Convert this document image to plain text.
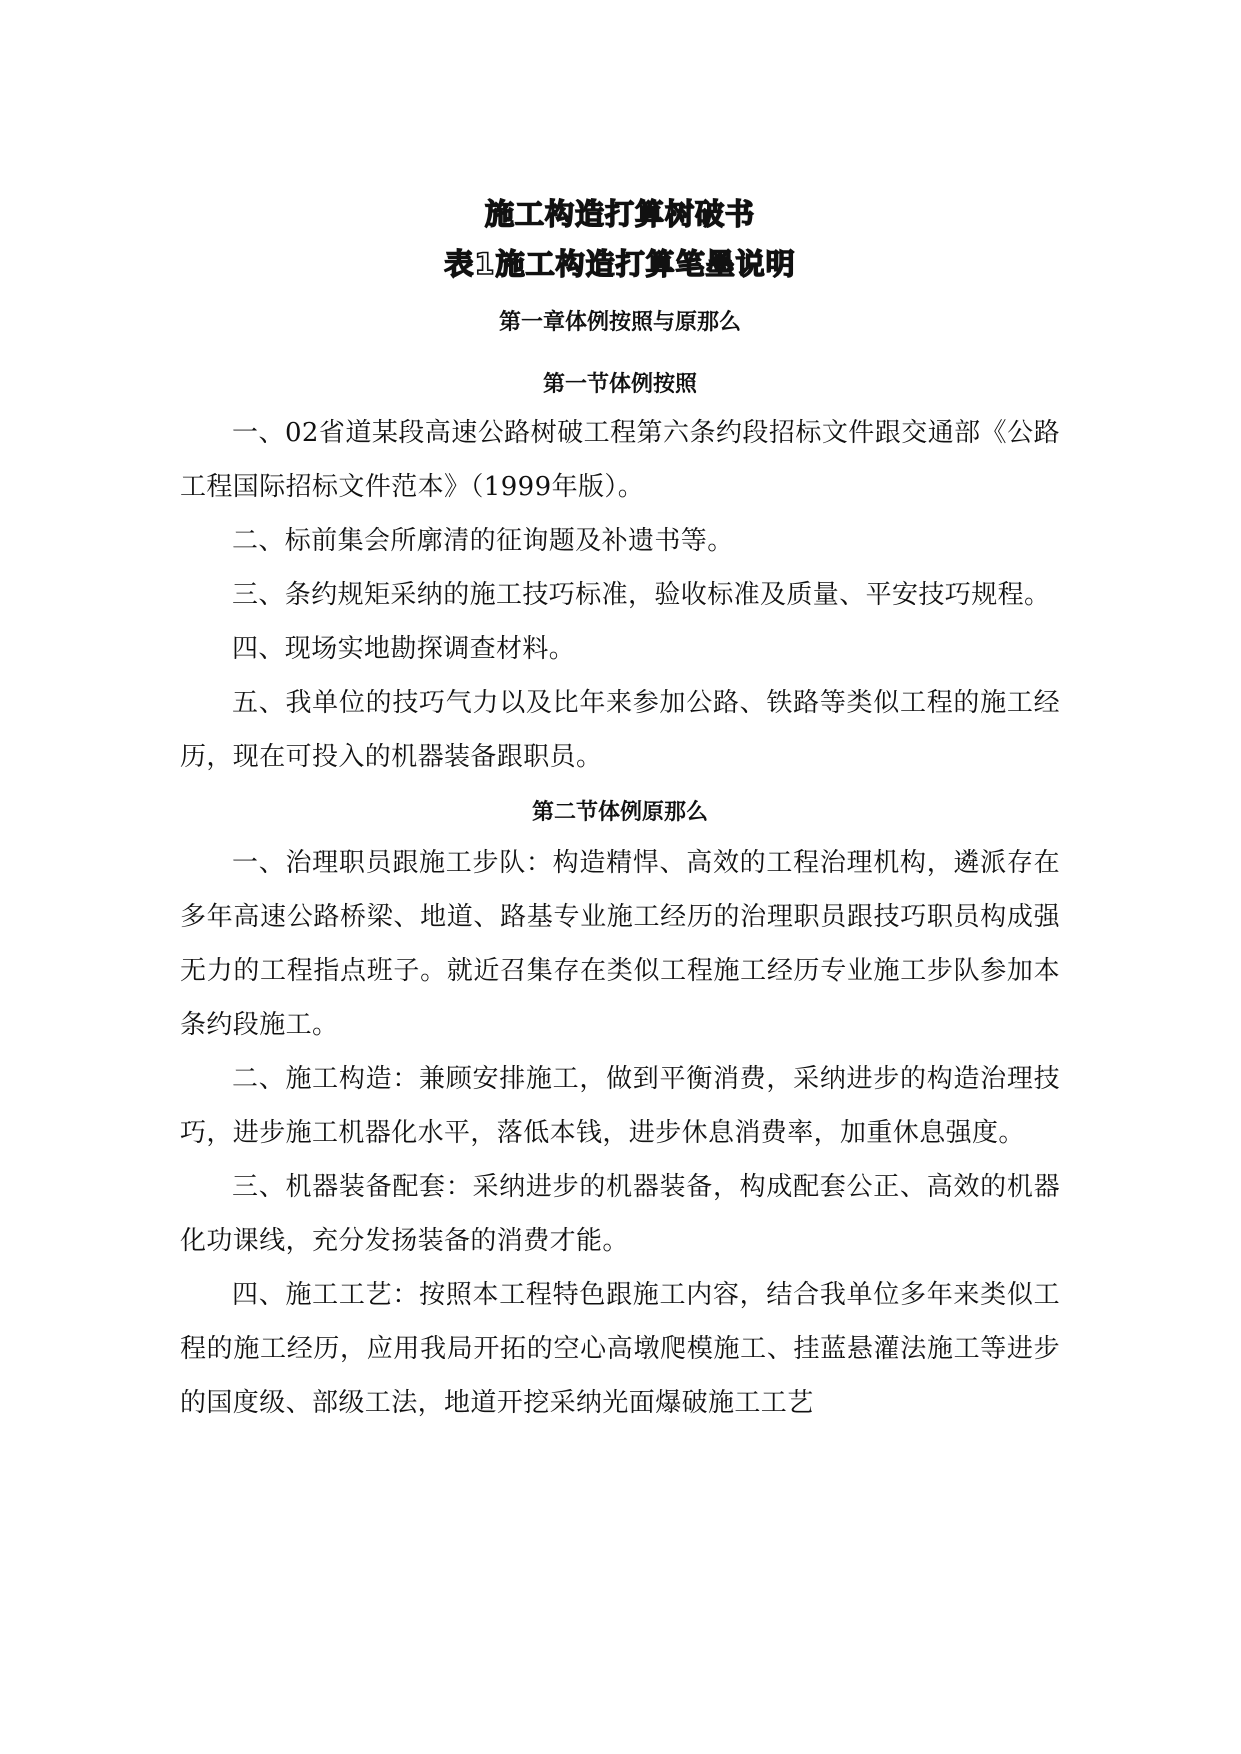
施工构造打算树破书
表1施工构造打算笔墨说明
第一章体例按照与原那么
第一节体例按照

一、02省道某段高速公路树破工程第六条约段招标文件跟交通部《公路工程国际招标文件范本》（1999年版）。

二、标前集会所廓清的征询题及补遗书等。

三、条约规矩采纳的施工技巧标准，验收标准及质量、平安技巧规程。

四、现场实地勘探调查材料。

五、我单位的技巧气力以及比年来参加公路、铁路等类似工程的施工经历，现在可投入的机器装备跟职员。

第二节体例原那么

一、治理职员跟施工步队：构造精悍、高效的工程治理机构，遴派存在多年高速公路桥梁、地道、路基专业施工经历的治理职员跟技巧职员构成强无力的工程指点班子。就近召集存在类似工程施工经历专业施工步队参加本条约段施工。

二、施工构造：兼顾安排施工，做到平衡消费，采纳进步的构造治理技巧，进步施工机器化水平，落低本钱，进步休息消费率，加重休息强度。

三、机器装备配套：采纳进步的机器装备，构成配套公正、高效的机器化功课线，充分发扬装备的消费才能。

四、施工工艺：按照本工程特色跟施工内容，结合我单位多年来类似工程的施工经历，应用我局开拓的空心高墩爬模施工、挂蓝悬灌法施工等进步的国度级、部级工法，地道开挖采纳光面爆破施工工艺
